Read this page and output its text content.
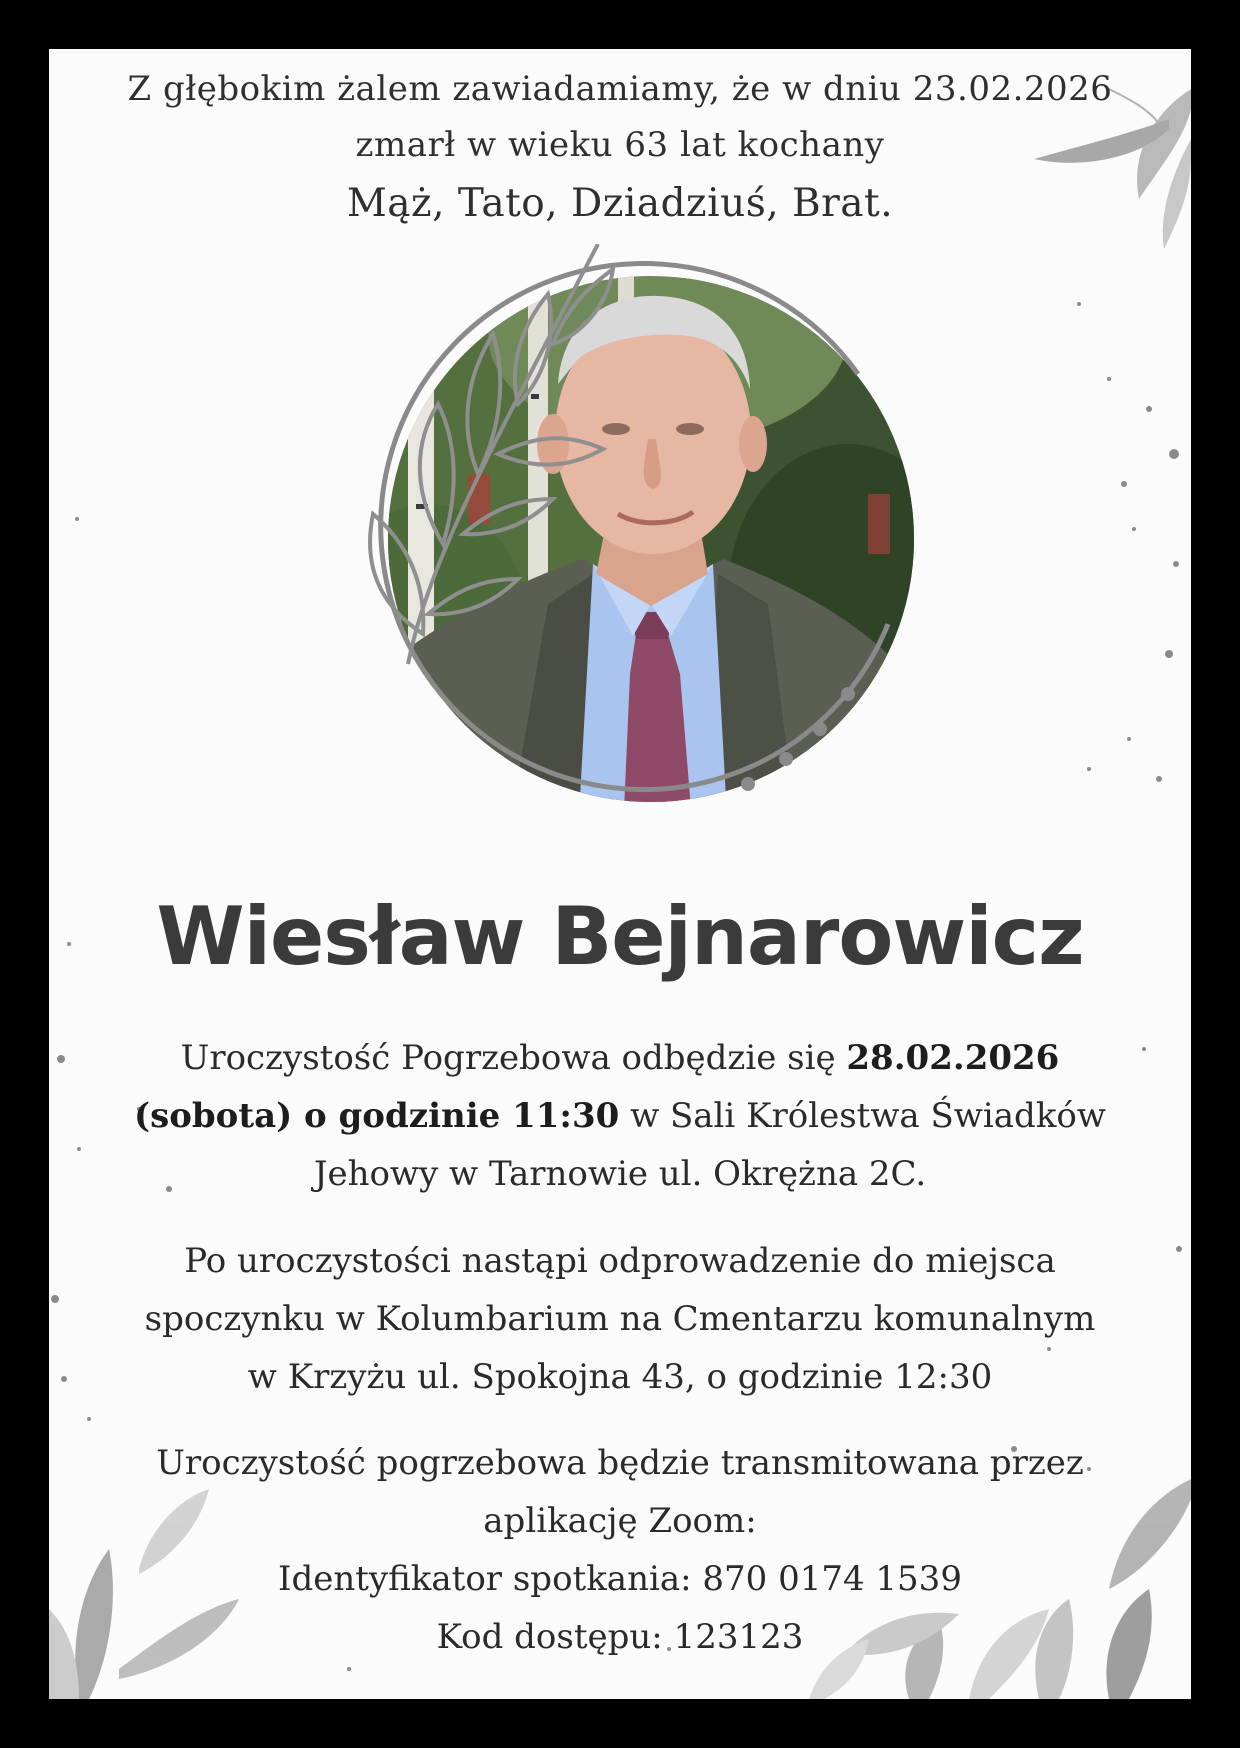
Z głębokim żalem zawiadamiamy, że w dniu 23.02.2026
zmarł w wieku 63 lat kochany
Mąż, Tato, Dziadziuś, Brat.
Wiesław Bejnarowicz
Uroczystość Pogrzebowa odbędzie się 28.02.2026
(sobota) o godzinie 11:30 w Sali Królestwa Świadków
Jehowy w Tarnowie ul. Okrężna 2C.
Po uroczystości nastąpi odprowadzenie do miejsca
spoczynku w Kolumbarium na Cmentarzu komunalnym
w Krzyżu ul. Spokojna 43, o godzinie 12:30
Uroczystość pogrzebowa będzie transmitowana przez
aplikację Zoom:
Identyfikator spotkania: 870 0174 1539
Kod dostępu: 123123
